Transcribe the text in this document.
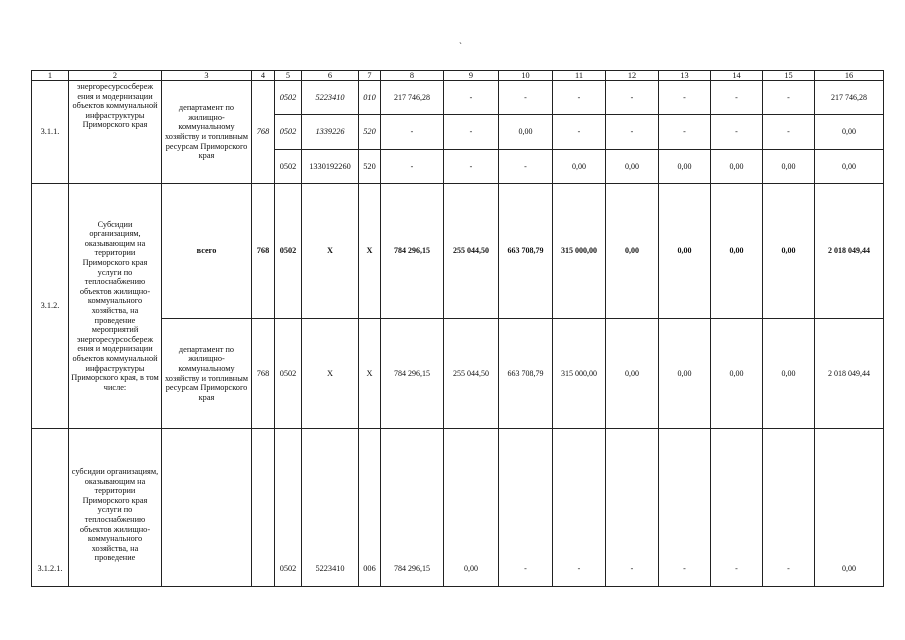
ˎ
1	2	3	4	5	6	7	8	9	10	11	12	13	14	15	16
3.1.1.	энергоресурсосбереж ения и модернизации объектов коммунальной инфраструктуры Приморского края	департамент по жилищно-коммунальному хозяйству и топливным ресурсам Приморского края	768	0502	5223410	010	217 746,28	-	-	-	-	-	-	-	217 746,28
				0502	1339226	520	-	-	0,00	-	-	-	-	-	0,00
				0502	1330192260	520	-	-	-	0,00	0,00	0,00	0,00	0,00	0,00
3.1.2.	Субсидии организациям, оказывающим на территории Приморского края услуги по теплоснабжению объектов жилищно-коммунального хозяйства, на проведение мероприятий энергоресурсосбереж ения и модернизации объектов коммунальной инфраструктуры Приморского края, в том числе:	всего	768	0502	X	X	784 296,15	255 044,50	663 708,79	315 000,00	0,00	0,00	0,00	0,00	2 018 049,44
		департамент по жилищно-коммунальному хозяйству и топливным ресурсам Приморского края	768	0502	X	X	784 296,15	255 044,50	663 708,79	315 000,00	0,00	0,00	0,00	0,00	2 018 049,44
3.1.2.1.	субсидии организациям, оказывающим на территории Приморского края услуги по теплоснабжению объектов жилищно-коммунального хозяйства, на проведение			0502	5223410	006	784 296,15	0,00	-	-	-	-	-	-	0,00
